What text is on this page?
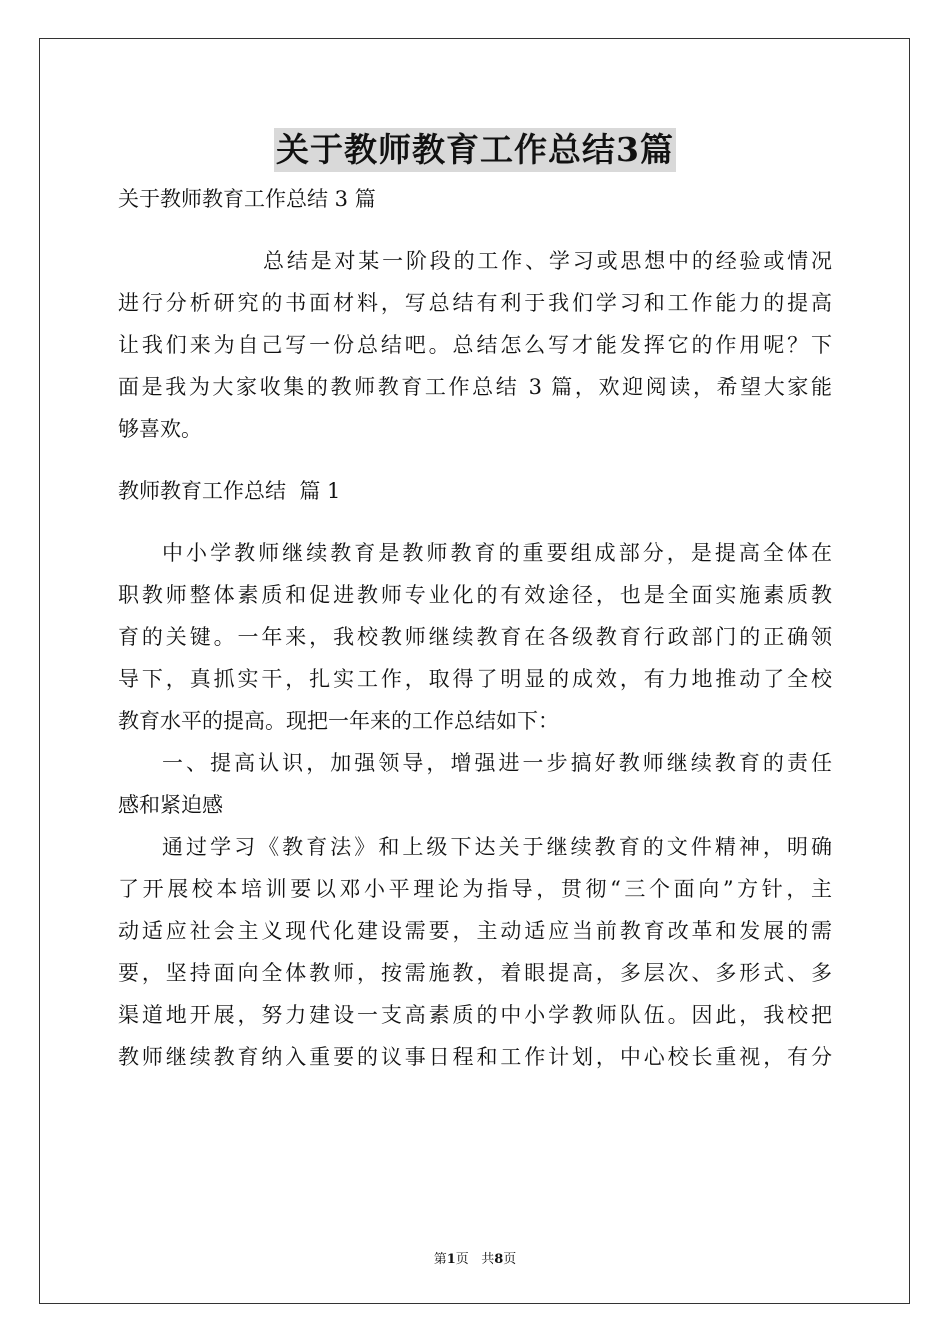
关于教师教育工作总结3篇
关于教师教育工作总结 3 篇
总结是对某一阶段的工作、学习或思想中的经验或情况
进行分析研究的书面材料，写总结有利于我们学习和工作能力的提高
让我们来为自己写一份总结吧。总结怎么写才能发挥它的作用呢？下
面是我为大家收集的教师教育工作总结 3 篇，欢迎阅读，希望大家能
够喜欢。
教师教育工作总结  篇 1
中小学教师继续教育是教师教育的重要组成部分，是提高全体在
职教师整体素质和促进教师专业化的有效途径，也是全面实施素质教
育的关键。一年来，我校教师继续教育在各级教育行政部门的正确领
导下，真抓实干，扎实工作，取得了明显的成效，有力地推动了全校
教育水平的提高。现把一年来的工作总结如下：
一、提高认识，加强领导，增强进一步搞好教师继续教育的责任
感和紧迫感
通过学习《教育法》和上级下达关于继续教育的文件精神，明确
了开展校本培训要以邓小平理论为指导，贯彻“三个面向”方针，主
动适应社会主义现代化建设需要，主动适应当前教育改革和发展的需
要，坚持面向全体教师，按需施教，着眼提高，多层次、多形式、多
渠道地开展，努力建设一支高素质的中小学教师队伍。因此，我校把
教师继续教育纳入重要的议事日程和工作计划，中心校长重视，有分
第1页 共8页
